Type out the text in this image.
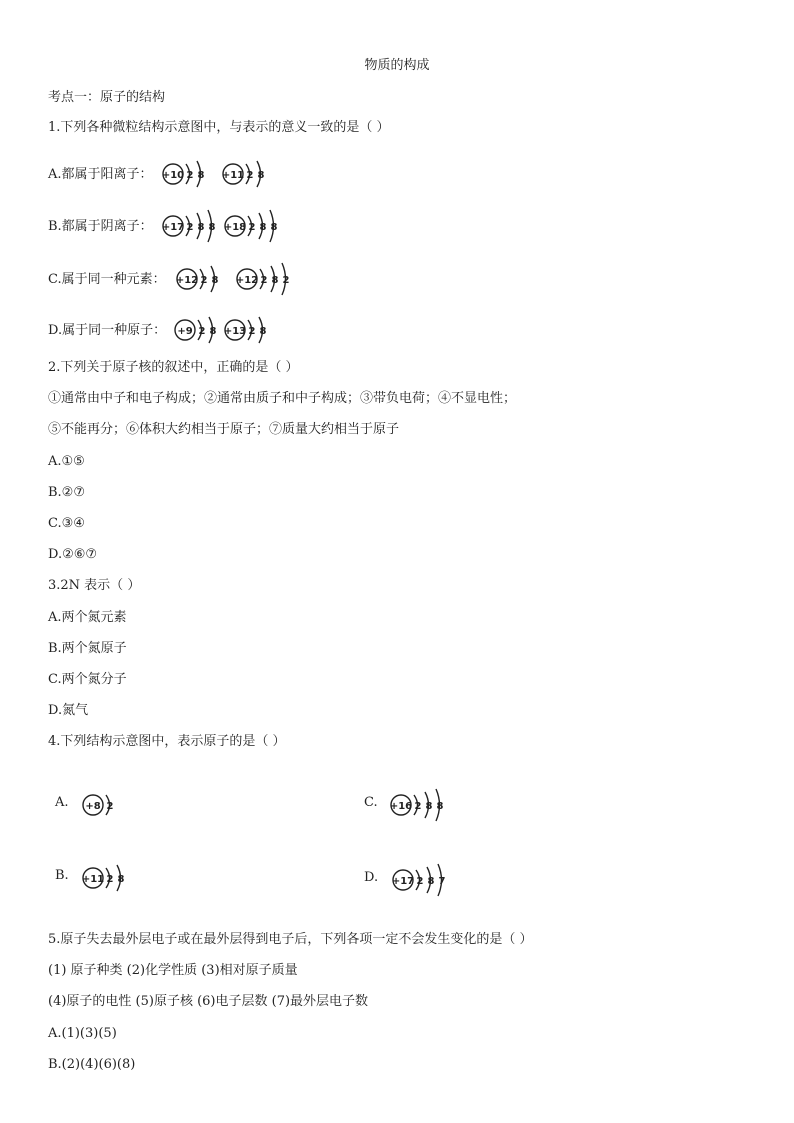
物质的构成
考点一：原子的结构
1.下列各种微粒结构示意图中，与表示的意义一致的是（ ）
A.都属于阳离子： +10 2 8 +11 2 8
B.都属于阴离子： +17 2 8 8 +18 2 8 8
C.属于同一种元素： +12 2 8 +12 2 8 2
D.属于同一种原子： +9 2 8 +13 2 8
2.下列关于原子核的叙述中，正确的是（ ）
①通常由中子和电子构成；②通常由质子和中子构成；③带负电荷；④不显电性；
⑤不能再分；⑥体积大约相当于原子；⑦质量大约相当于原子
A.①⑤
B.②⑦
C.③④
D.②⑥⑦
3.2N 表示（ ）
A.两个氮元素
B.两个氮原子
C.两个氮分子
D.氮气
4.下列结构示意图中，表示原子的是（ ）
A. +8 2	C. +16 2 8 8
B. +11 2 8	D. +17 2 8 7
5.原子失去最外层电子或在最外层得到电子后，下列各项一定不会发生变化的是（ ）
(1) 原子种类 (2)化学性质 (3)相对原子质量
(4)原子的电性 (5)原子核 (6)电子层数 (7)最外层电子数
A.(1)(3)(5)
B.(2)(4)(6)(8)
